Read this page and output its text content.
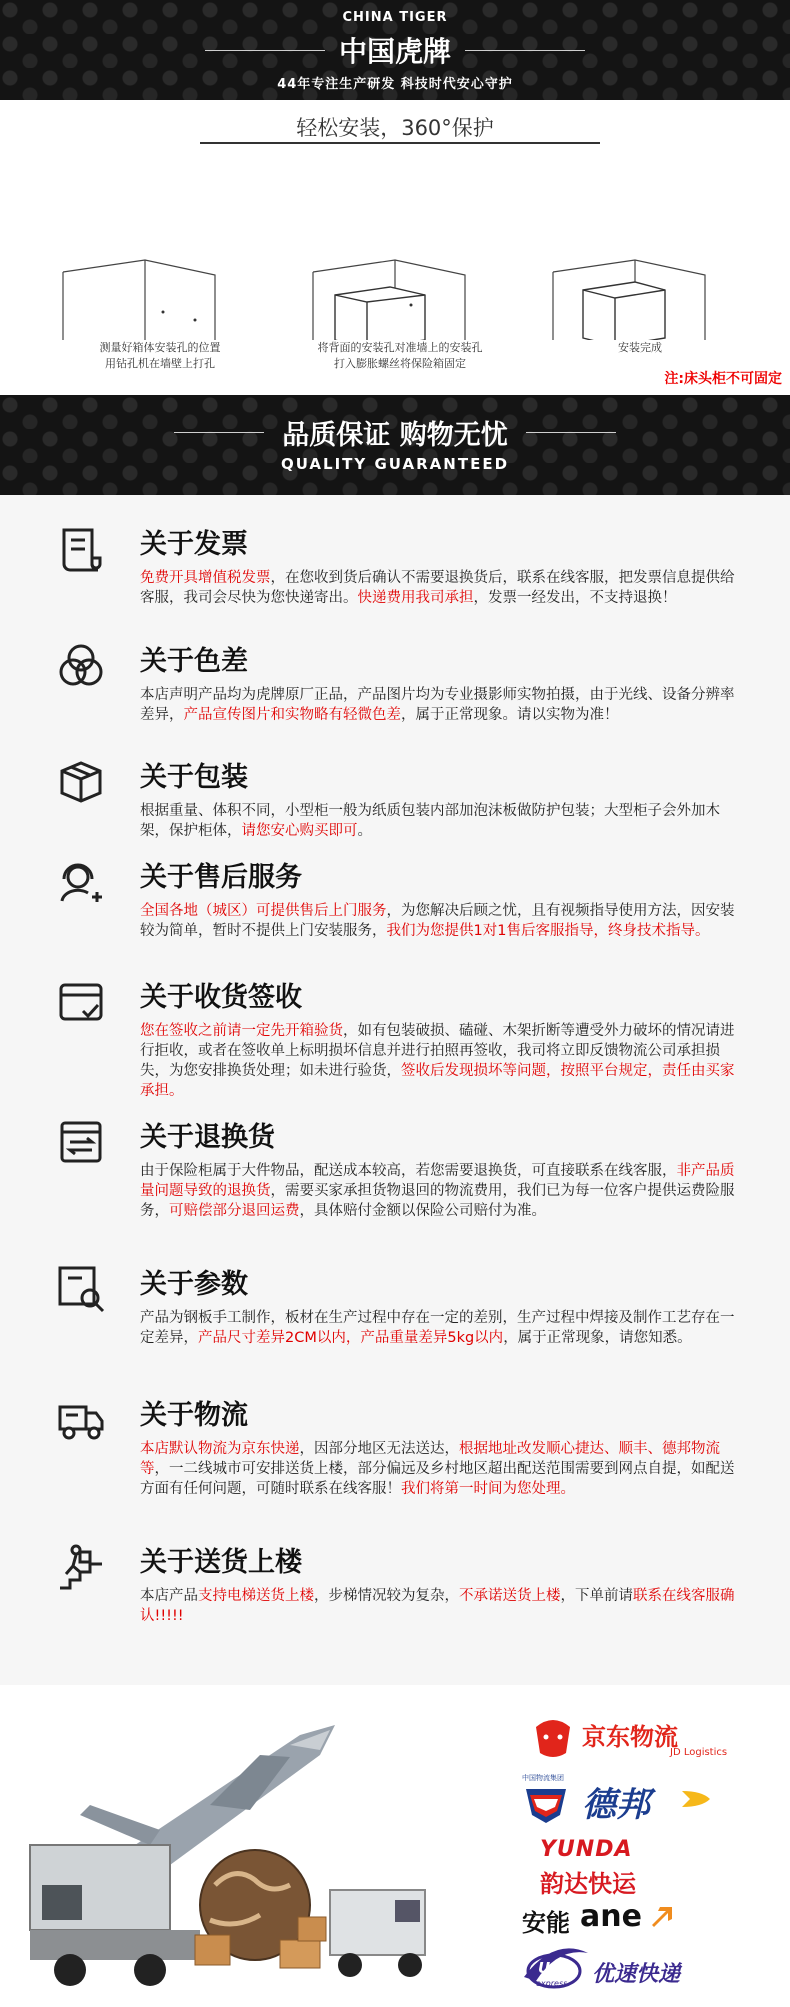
CHINA TIGER
中国虎牌
44年专注生产研发 科技时代安心守护
轻松安装，360°保护
测量好箱体安装孔的位置
用钻孔机在墙壁上打孔
将背面的安装孔对准墙上的安装孔
打入膨胀螺丝将保险箱固定
安装完成
注:床头柜不可固定
品质保证 购物无忧
QUALITY GUARANTEED
关于发票
免费开具增值税发票，在您收到货后确认不需要退换货后，联系在线客服，把发票信息提供给客服，我司会尽快为您快递寄出。快递费用我司承担，发票一经发出，不支持退换！
关于色差
本店声明产品均为虎牌原厂正品，产品图片均为专业摄影师实物拍摄，由于光线、设备分辨率差异，产品宣传图片和实物略有轻微色差，属于正常现象。请以实物为准！
关于包装
根据重量、体积不同，小型柜一般为纸质包装内部加泡沫板做防护包装；大型柜子会外加木架，保护柜体，请您安心购买即可。
关于售后服务
全国各地（城区）可提供售后上门服务，为您解决后顾之忧，且有视频指导使用方法，因安装较为简单，暂时不提供上门安装服务，我们为您提供1对1售后客服指导，终身技术指导。
关于收货签收
您在签收之前请一定先开箱验货，如有包装破损、磕碰、木架折断等遭受外力破坏的情况请进行拒收，或者在签收单上标明损坏信息并进行拍照再签收，我司将立即反馈物流公司承担损失，为您安排换货处理；如未进行验货，签收后发现损坏等问题，按照平台规定，责任由买家承担。
关于退换货
由于保险柜属于大件物品，配送成本较高，若您需要退换货，可直接联系在线客服，非产品质量问题导致的退换货，需要买家承担货物退回的物流费用，我们已为每一位客户提供运费险服务，可赔偿部分退回运费，具体赔付金额以保险公司赔付为准。
关于参数
产品为钢板手工制作，板材在生产过程中存在一定的差别，生产过程中焊接及制作工艺存在一定差异，产品尺寸差异2CM以内，产品重量差异5kg以内，属于正常现象，请您知悉。
关于物流
本店默认物流为京东快递，因部分地区无法送达，根据地址改发顺心捷达、顺丰、德邦物流等，一二线城市可安排送货上楼，部分偏远及乡村地区超出配送范围需要到网点自提，如配送方面有任何问题，可随时联系在线客服！我们将第一时间为您处理。
关于送货上楼
本店产品支持电梯送货上楼，步梯情况较为复杂，不承诺送货上楼，下单前请联系在线客服确认!!!!!
京东物流
JD Logistics
中国物流集团
德邦
YUNDA
韵达快运
安能 ane
UC
express 优速快递
